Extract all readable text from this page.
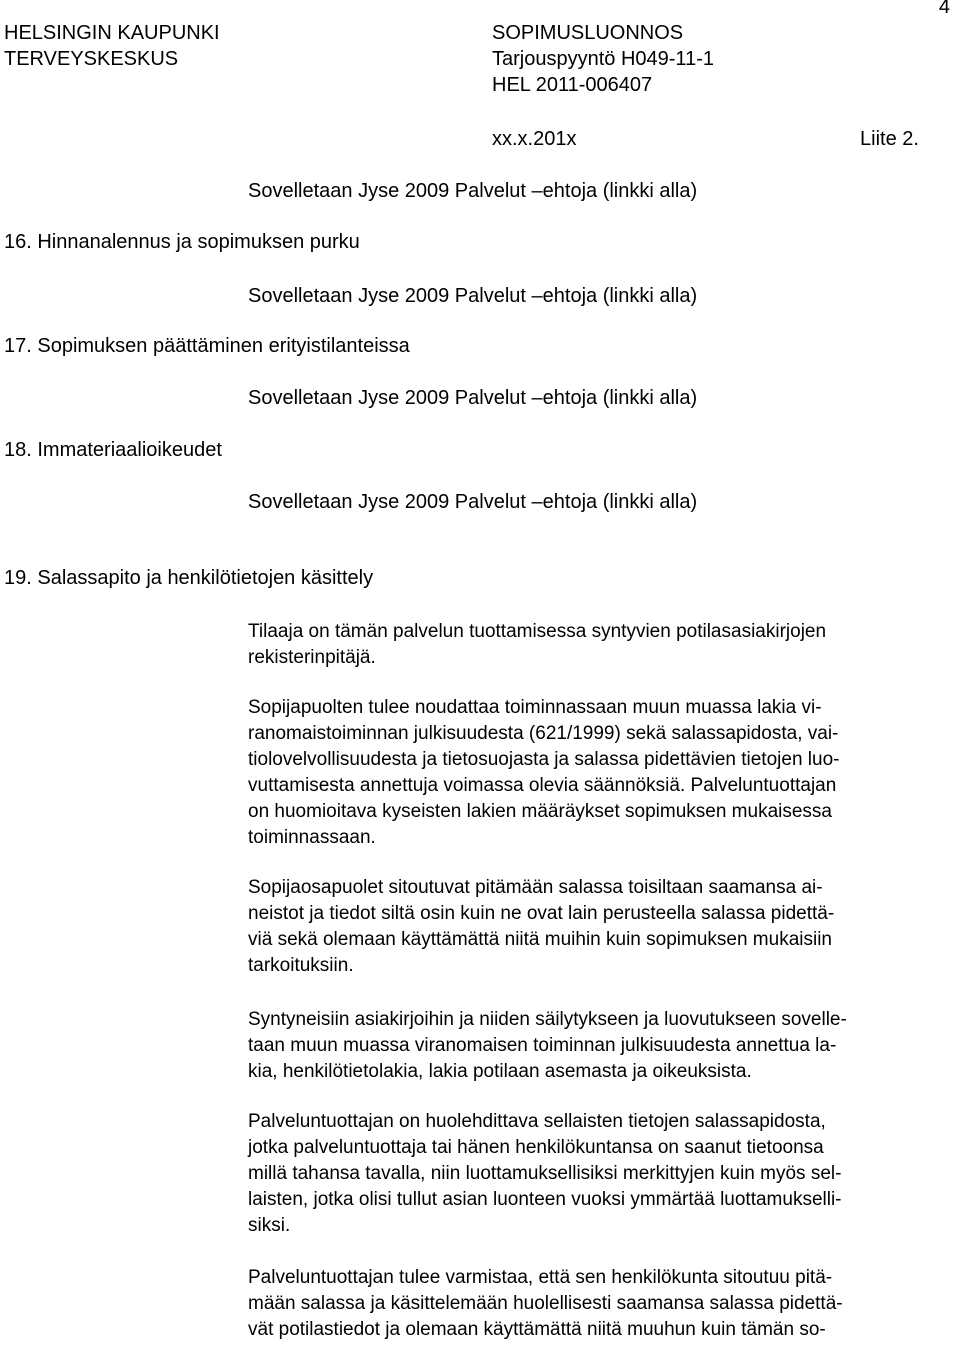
4
HELSINGIN KAUPUNKI
TERVEYSKESKUS
SOPIMUSLUONNOS
Tarjouspyyntö H049-11-1
HEL 2011-006407
xx.x.201x	Liite 2.
Sovelletaan Jyse 2009 Palvelut –ehtoja (linkki alla)
16. Hinnanalennus ja sopimuksen purku
Sovelletaan Jyse 2009 Palvelut –ehtoja (linkki alla)
17. Sopimuksen päättäminen erityistilanteissa
Sovelletaan Jyse 2009 Palvelut –ehtoja (linkki alla)
18. Immateriaalioikeudet
Sovelletaan Jyse 2009 Palvelut –ehtoja (linkki alla)
19. Salassapito ja henkilötietojen käsittely
Tilaaja on tämän palvelun tuottamisessa syntyvien potilasasiakirjojen
rekisterinpitäjä.
Sopijapuolten tulee noudattaa toiminnassaan muun muassa lakia vi-
ranomaistoiminnan julkisuudesta (621/1999) sekä salassapidosta, vai-
tiolovelvollisuudesta ja tietosuojasta ja salassa pidettävien tietojen luo-
vuttamisesta annettuja voimassa olevia säännöksiä. Palveluntuottajan
on huomioitava kyseisten lakien määräykset sopimuksen mukaisessa
toiminnassaan.
Sopijaosapuolet sitoutuvat pitämään salassa toisiltaan saamansa ai-
neistot ja tiedot siltä osin kuin ne ovat lain perusteella salassa pidettä-
viä sekä olemaan käyttämättä niitä muihin kuin sopimuksen mukaisiin
tarkoituksiin.
Syntyneisiin asiakirjoihin ja niiden säilytykseen ja luovutukseen sovelle-
taan muun muassa viranomaisen toiminnan julkisuudesta annettua la-
kia, henkilötietolakia, lakia potilaan asemasta ja oikeuksista.
Palveluntuottajan on huolehdittava sellaisten tietojen salassapidosta,
jotka palveluntuottaja tai hänen henkilökuntansa on saanut tietoonsa
millä tahansa tavalla, niin luottamuksellisiksi merkittyjen kuin myös sel-
laisten, jotka olisi tullut asian luonteen vuoksi ymmärtää luottamukselli-
siksi.
Palveluntuottajan tulee varmistaa, että sen henkilökunta sitoutuu pitä-
mään salassa ja käsittelemään huolellisesti saamansa salassa pidettä-
vät potilastiedot ja olemaan käyttämättä niitä muuhun kuin tämän so-
